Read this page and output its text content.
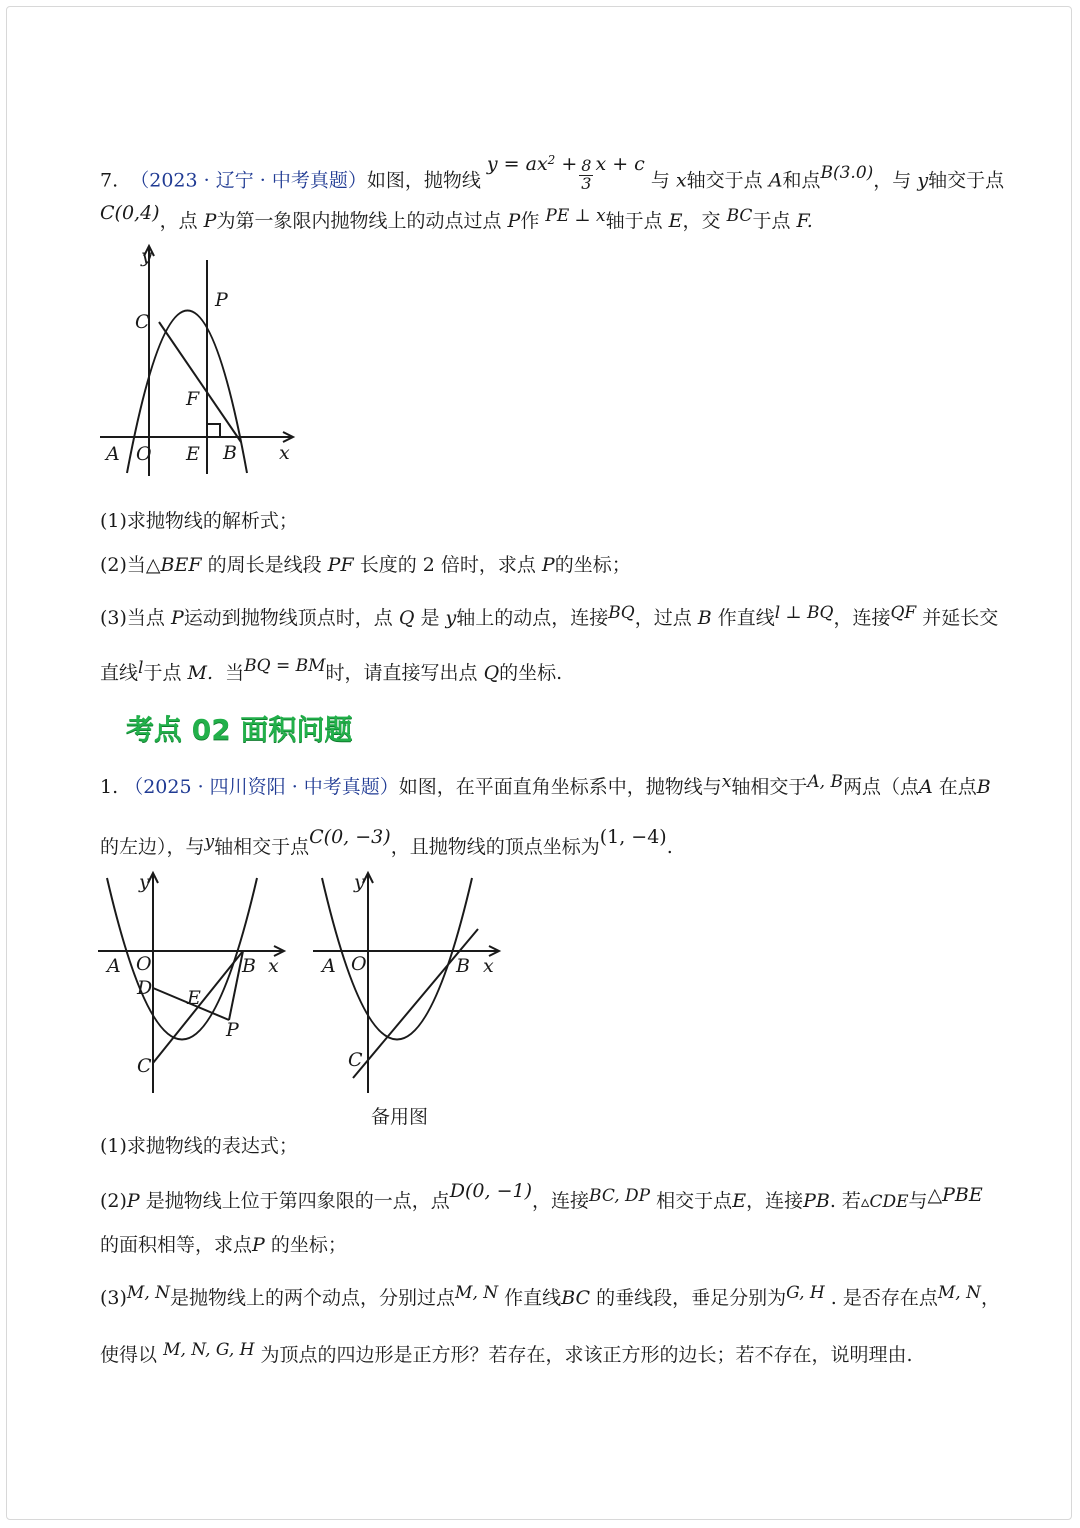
7. （2023 · 辽宁 · 中考真题）如图，抛物线 $y = ax^2 + \frac{8}{3}$ x + c 与 x轴交于点 A和点B(3.0)，与 y轴交于点
C(0,4)，点 P为第一象限内抛物线上的动点过点 P作 PE ⊥ x轴于点 E，交 BC于点 F.
y
C
P
F
A O E B x
(1)求抛物线的解析式；
(2)当△BEF 的周长是线段 PF 长度的 2 倍时，求点 P的坐标；
(3)当点 P运动到抛物线顶点时，点 Q 是 y轴上的动点，连接BQ，过点 B 作直线l ⊥ BQ，连接QF 并延长交
直线l于点 M. 当BQ = BM时，请直接写出点 Q的坐标.
考点 02 面积问题
1. （2025 · 四川资阳 · 中考真题）如图，在平面直角坐标系中，抛物线与x轴相交于A, B两点（点A 在点B
的左边），与y轴相交于点C(0, −3)，且抛物线的顶点坐标为(1, −4).
y
A O	B x
D E
P
C
y
A O	B x
C
备用图
(1)求抛物线的表达式；
(2)P 是抛物线上位于第四象限的一点，点D(0, −1)，连接BC, DP 相交于点E，连接PB. 若▵CDE与△PBE
的面积相等，求点P 的坐标；
(3)M, N是抛物线上的两个动点，分别过点M, N 作直线BC 的垂线段，垂足分别为G, H . 是否存在点M, N，
使得以 M, N, G, H 为顶点的四边形是正方形？若存在，求该正方形的边长；若不存在，说明理由.
